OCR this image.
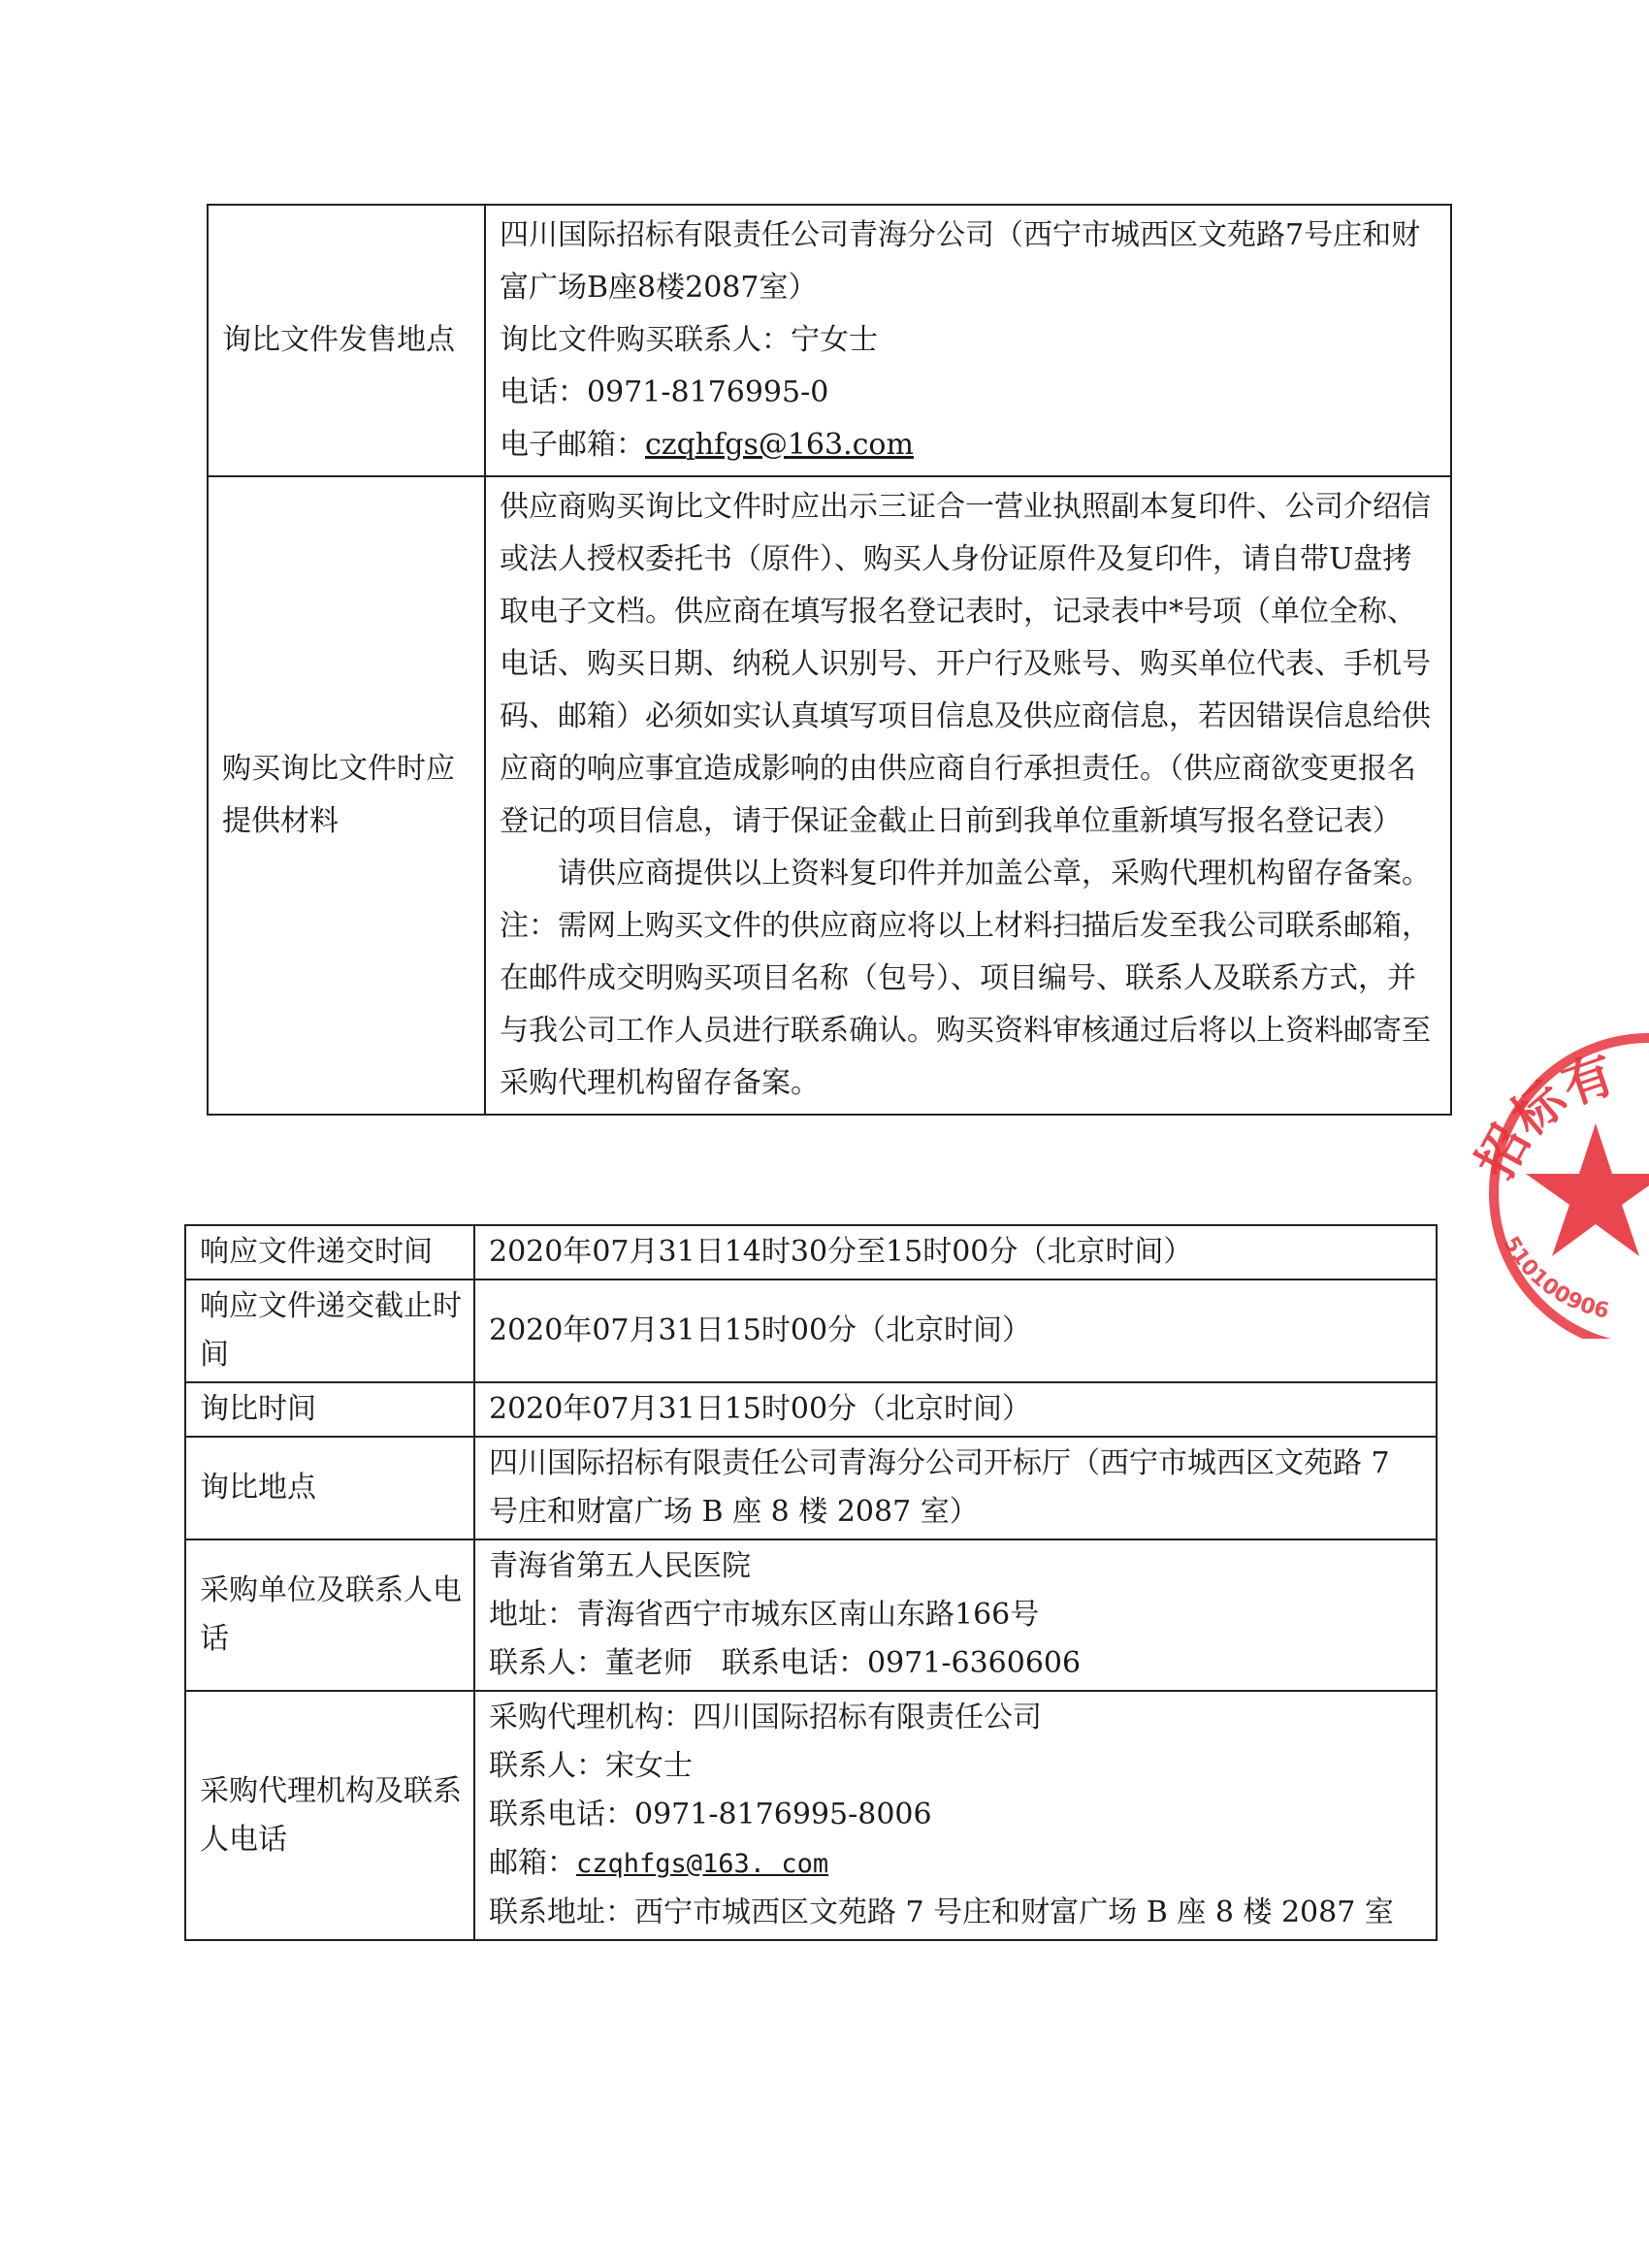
询比文件发售地点	四川国际招标有限责任公司青海分公司（西宁市城西区文苑路7号庄和财富广场B座8楼2087室）

询比文件购买联系人：宁女士

电话：0971-8176995-0

电子邮箱：czqhfgs@163.com

购买询比文件时应提供材料	供应商购买询比文件时应出示三证合一营业执照副本复印件、公司介绍信或法人授权委托书（原件）、购买人身份证原件及复印件，请自带U盘拷取电子文档。供应商在填写报名登记表时，记录表中*号项（单位全称、电话、购买日期、纳税人识别号、开户行及账号、购买单位代表、手机号码、邮箱）必须如实认真填写项目信息及供应商信息，若因错误信息给供应商的响应事宜造成影响的由供应商自行承担责任。（供应商欲变更报名登记的项目信息，请于保证金截止日前到我单位重新填写报名登记表）

请供应商提供以上资料复印件并加盖公章，采购代理机构留存备案。

注：需网上购买文件的供应商应将以上材料扫描后发至我公司联系邮箱，在邮件成交明购买项目名称（包号）、项目编号、联系人及联系方式，并与我公司工作人员进行联系确认。购买资料审核通过后将以上资料邮寄至采购代理机构留存备案。

响应文件递交时间	2020年07月31日14时30分至15时00分（北京时间）
响应文件递交截止时间	2020年07月31日15时00分（北京时间）
询比时间	2020年07月31日15时00分（北京时间）
询比地点	四川国际招标有限责任公司青海分公司开标厅（西宁市城西区文苑路 7 号庄和财富广场 B 座 8 楼 2087 室）
采购单位及联系人电话	青海省第五人民医院

地址：青海省西宁市城东区南山东路166号

联系人：董老师　联系电话：0971-6360606

采购代理机构及联系人电话	采购代理机构：四川国际招标有限责任公司

联系人：宋女士

联系电话：0971-8176995-8006

邮箱：czqhfgs@163. com

联系地址：西宁市城西区文苑路 7 号庄和财富广场 B 座 8 楼 2087 室

招标有
510100906
